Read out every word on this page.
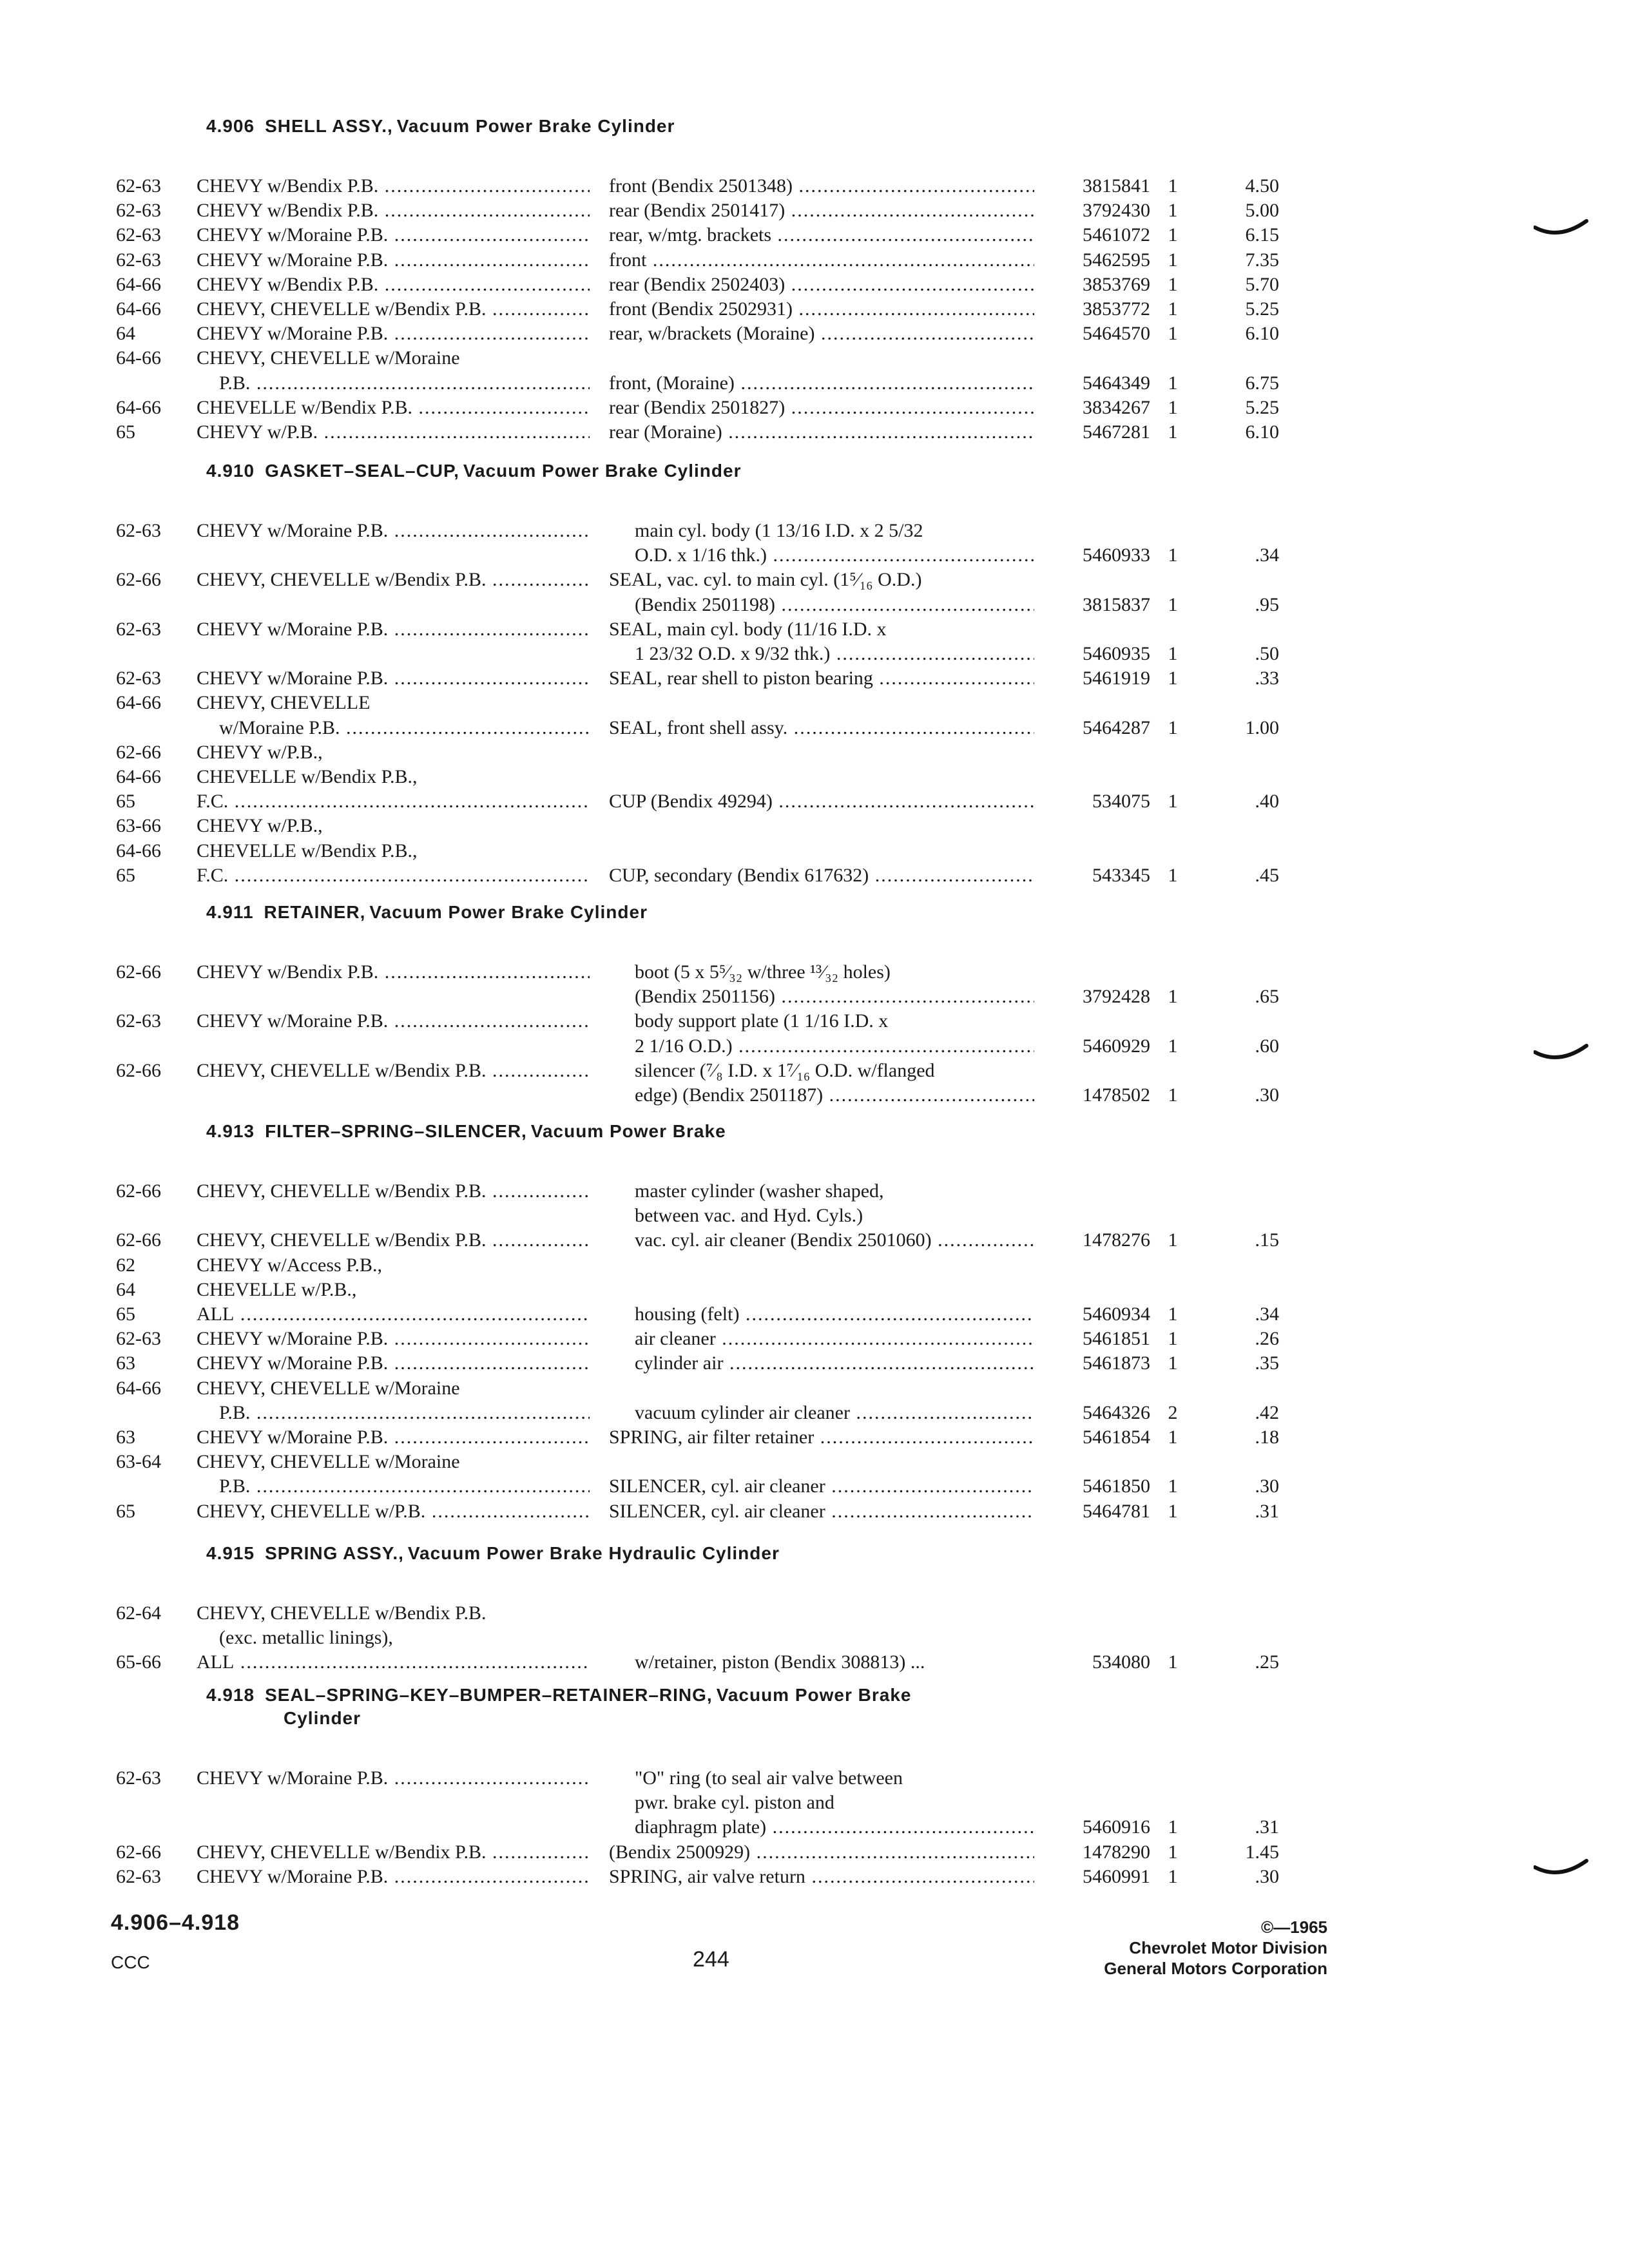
4.906 SHELL ASSY., Vacuum Power Brake Cylinder
62-63	CHEVY w/Bendix P.B. .....	front (Bendix 2501348) .....	3815841 1	4.50
62-63	CHEVY w/Bendix P.B. .....	rear (Bendix 2501417) .....	3792430 1	5.00
62-63	CHEVY w/Moraine P.B. .....	rear, w/mtg. brackets .....	5461072 1	6.15
62-63	CHEVY w/Moraine P.B. .....	front .....	5462595 1	7.35
64-66	CHEVY w/Bendix P.B. .....	rear (Bendix 2502403) .....	3853769 1	5.70
64-66	CHEVY, CHEVELLE w/Bendix P.B. .....	front (Bendix 2502931) .....	3853772 1	5.25
64	CHEVY w/Moraine P.B. .....	rear, w/brackets (Moraine) .....	5464570 1	6.10
64-66	CHEVY, CHEVELLE w/Moraine
P.B. .....	front, (Moraine) .....	5464349 1	6.75
64-66	CHEVELLE w/Bendix P.B. .....	rear (Bendix 2501827) .....	3834267 1	5.25
65	CHEVY w/P.B. .....	rear (Moraine) .....	5467281 1	6.10
4.910 GASKET–SEAL–CUP, Vacuum Power Brake Cylinder
62-63	CHEVY w/Moraine P.B. .....	main cyl. body (1 13/16 I.D. x 2 5/32
O.D. x 1/16 thk.) .....	5460933 1	.34
62-66	CHEVY, CHEVELLE w/Bendix P.B. .....	SEAL, vac. cyl. to main cyl. (1⁵⁄₁₆ O.D.)
(Bendix 2501198) .....	3815837 1	.95
62-63	CHEVY w/Moraine P.B. .....	SEAL, main cyl. body (11/16 I.D. x
1 23/32 O.D. x 9/32 thk.) .....	5460935 1	.50
62-63	CHEVY w/Moraine P.B. .....	SEAL, rear shell to piston bearing .....	5461919 1	.33
64-66	CHEVY, CHEVELLE
w/Moraine P.B. .....	SEAL, front shell assy. .....	5464287 1	1.00
62-66	CHEVY w/P.B.,
64-66	CHEVELLE w/Bendix P.B.,
65	F.C. .....	CUP (Bendix 49294) .....	534075 1	.40
63-66	CHEVY w/P.B.,
64-66	CHEVELLE w/Bendix P.B.,
65	F.C. .....	CUP, secondary (Bendix 617632) .....	543345 1	.45
4.911 RETAINER, Vacuum Power Brake Cylinder
62-66	CHEVY w/Bendix P.B. .....	boot (5 x 5⁵⁄₃₂ w/three ¹³⁄₃₂ holes)
(Bendix 2501156) .....	3792428 1	.65
62-63	CHEVY w/Moraine P.B. .....	body support plate (1 1/16 I.D. x
2 1/16 O.D.) .....	5460929 1	.60
62-66	CHEVY, CHEVELLE w/Bendix P.B. .....	silencer (⁷⁄₈ I.D. x 1⁷⁄₁₆ O.D. w/flanged
edge) (Bendix 2501187) .....	1478502 1	.30
4.913 FILTER–SPRING–SILENCER, Vacuum Power Brake
62-66	CHEVY, CHEVELLE w/Bendix P.B. .....	master cylinder (washer shaped,
between vac. and Hyd. Cyls.)
62-66	CHEVY, CHEVELLE w/Bendix P.B. .....	vac. cyl. air cleaner (Bendix 2501060) .....	1478276 1	.15
62	CHEVY w/Access P.B.,
64	CHEVELLE w/P.B.,
65	ALL .....	housing (felt) .....	5460934 1	.34
62-63	CHEVY w/Moraine P.B. .....	air cleaner .....	5461851 1	.26
63	CHEVY w/Moraine P.B. .....	cylinder air .....	5461873 1	.35
64-66	CHEVY, CHEVELLE w/Moraine
P.B. .....	vacuum cylinder air cleaner .....	5464326 2	.42
63	CHEVY w/Moraine P.B. .....	SPRING, air filter retainer .....	5461854 1	.18
63-64	CHEVY, CHEVELLE w/Moraine
P.B. .....	SILENCER, cyl. air cleaner .....	5461850 1	.30
65	CHEVY, CHEVELLE w/P.B. .....	SILENCER, cyl. air cleaner .....	5464781 1	.31
4.915 SPRING ASSY., Vacuum Power Brake Hydraulic Cylinder
62-64	CHEVY, CHEVELLE w/Bendix P.B.
(exc. metallic linings),
65-66	ALL .....	w/retainer, piston (Bendix 308813) ...	534080 1	.25
4.918 SEAL–SPRING–KEY–BUMPER–RETAINER–RING, Vacuum Power Brake
Cylinder
62-63	CHEVY w/Moraine P.B. .....	"O" ring (to seal air valve between
pwr. brake cyl. piston and
diaphragm plate) .....	5460916 1	.31
62-66	CHEVY, CHEVELLE w/Bendix P.B. .....	(Bendix 2500929) .....	1478290 1	1.45
62-63	CHEVY w/Moraine P.B. .....	SPRING, air valve return .....	5460991 1	.30
4.906–4.918
CCC	244
©—1965
Chevrolet Motor Division
General Motors Corporation
